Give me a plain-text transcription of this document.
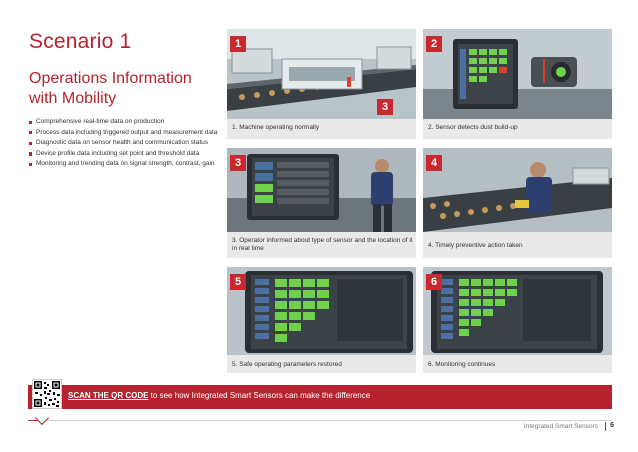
Scenario 1
Operations Information with Mobility
Comprehensive real-time data on production
Process data including triggered output and measurement data
Diagnostic data on sensor health and communication status
Device profile data including set point and threshold data
Monitoring and trending data on signal strength, contrast, gain
1
3
1. Machine operating normally
2
2. Sensor detects dust build-up
3
3. Operator informed about type of sensor and the location of it in real time
4
4. Timely preventive action taken
5
5. Safe operating parameters restored
6
6. Monitoring continues
SCAN THE QR CODE to see how Integrated Smart Sensors can make the difference
Integrated Smart Sensors 6
